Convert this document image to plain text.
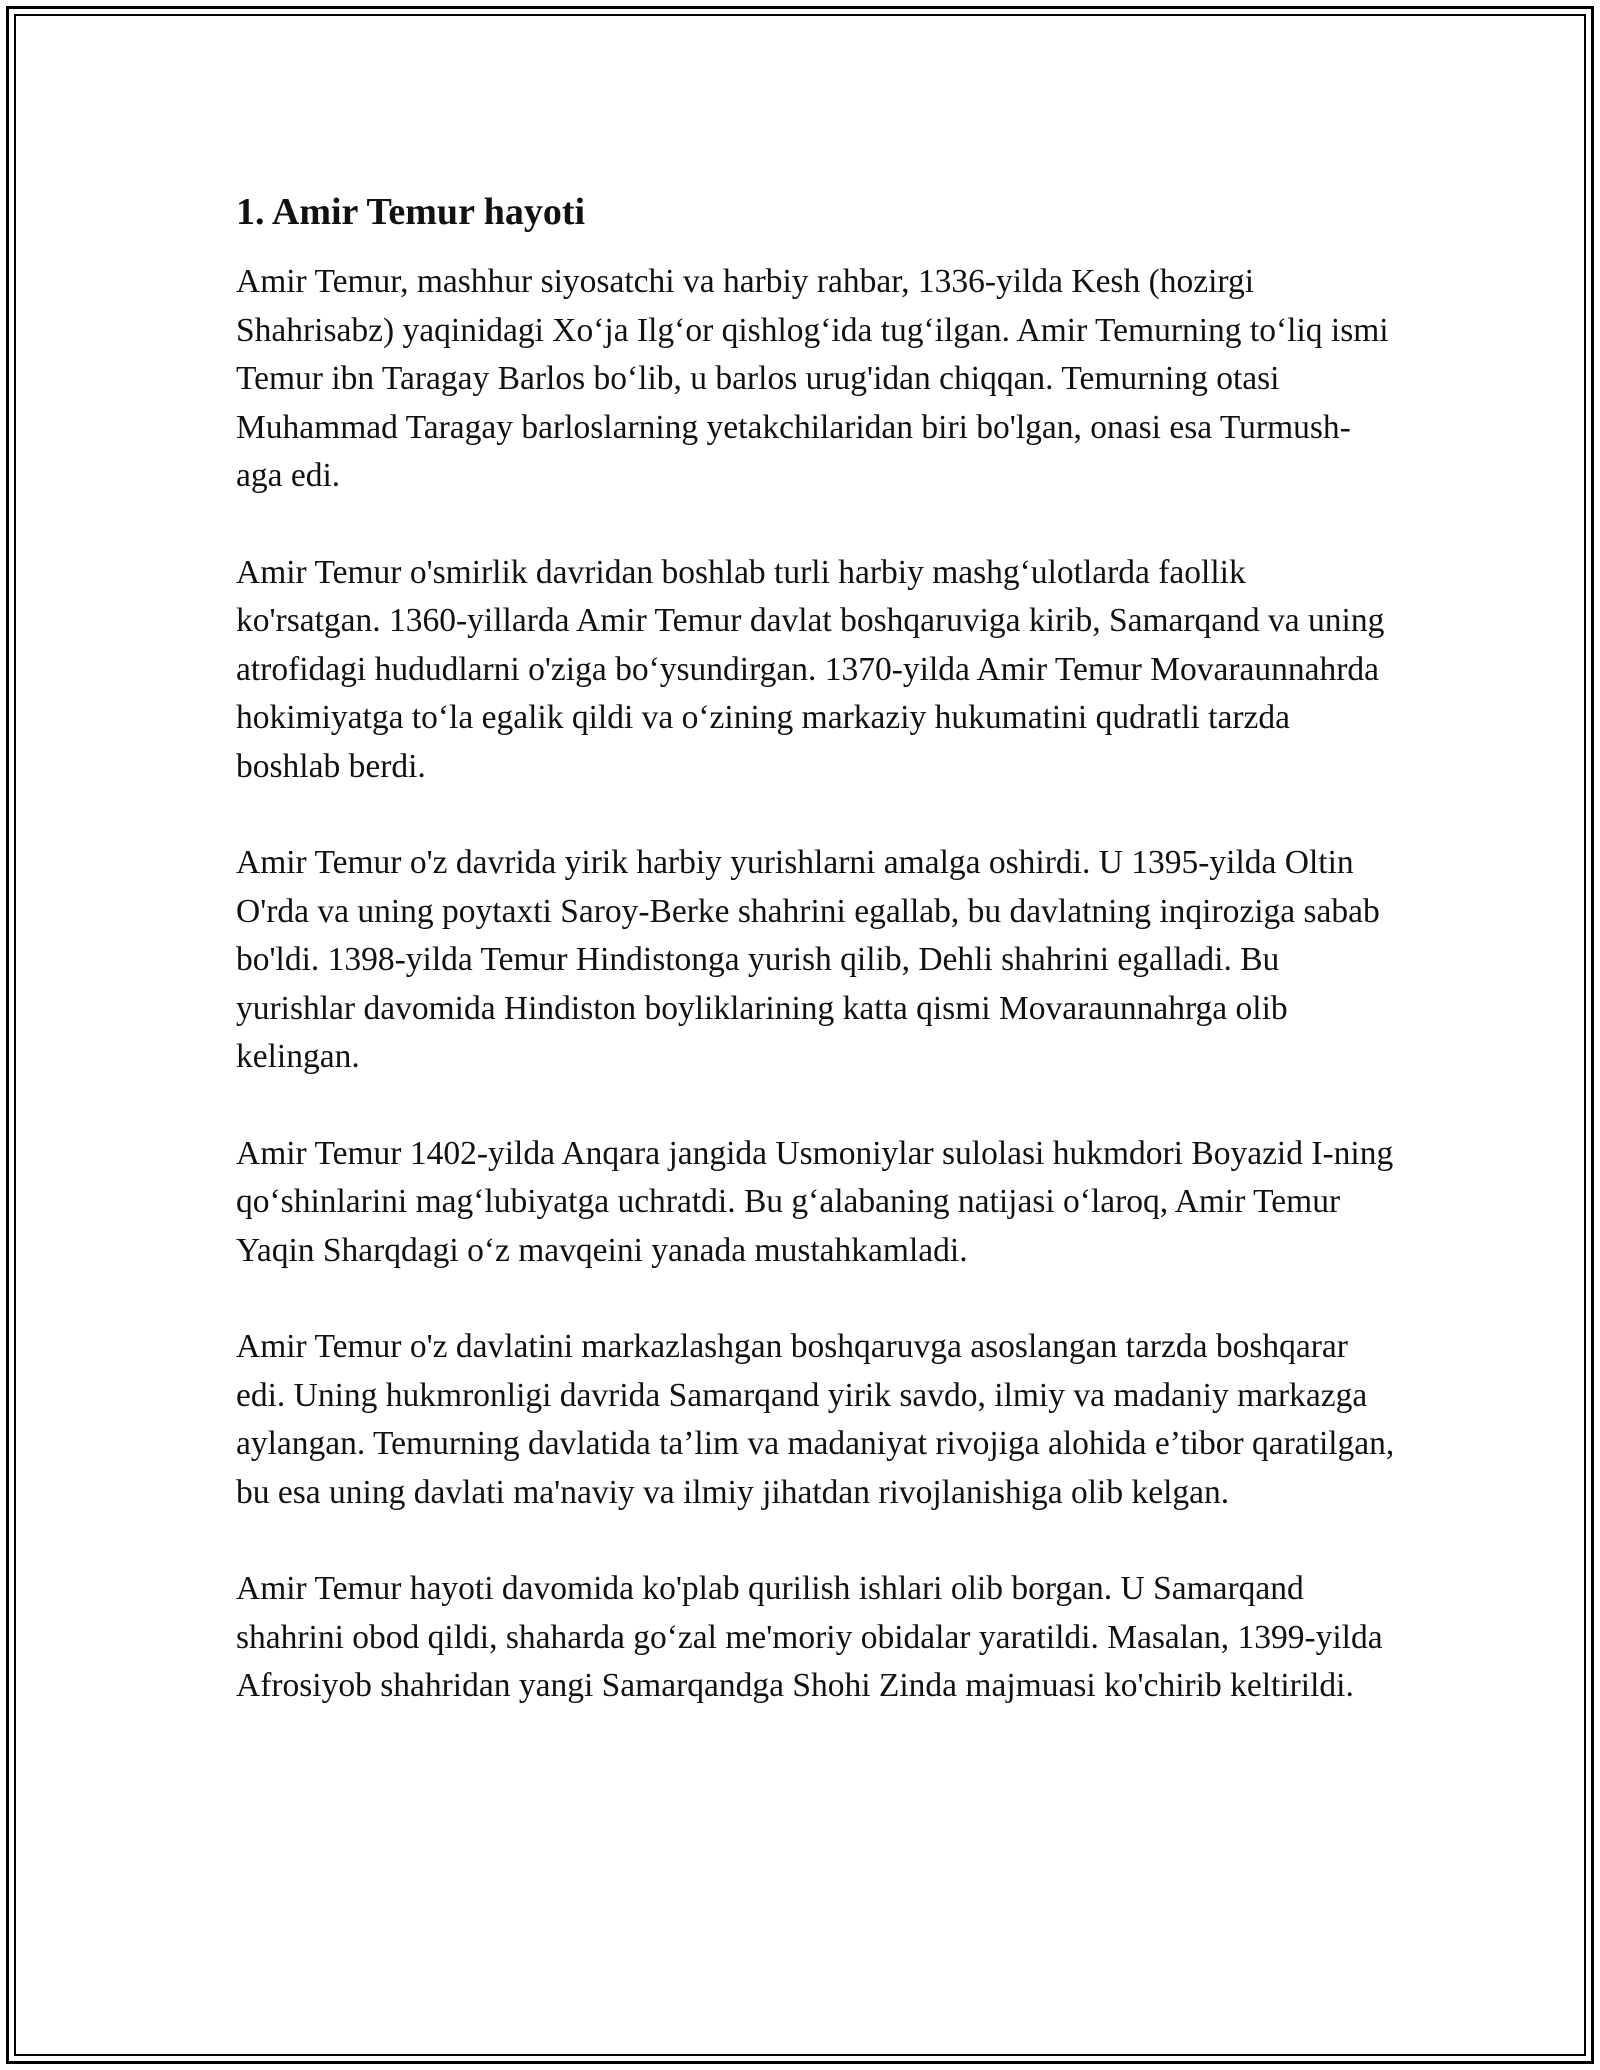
1. Amir Temur hayoti

Amir Temur, mashhur siyosatchi va harbiy rahbar, 1336-yilda Kesh (hozirgi Shahrisabz) yaqinidagi Xo‘ja Ilg‘or qishlog‘ida tug‘ilgan. Amir Temurning to‘liq ismi Temur ibn Taragay Barlos bo‘lib, u barlos urug'idan chiqqan. Temurning otasi Muhammad Taragay barloslarning yetakchilaridan biri bo'lgan, onasi esa Turmush-aga edi.

Amir Temur o'smirlik davridan boshlab turli harbiy mashg‘ulotlarda faollik ko'rsatgan. 1360-yillarda Amir Temur davlat boshqaruviga kirib, Samarqand va uning atrofidagi hududlarni o'ziga bo‘ysundirgan. 1370-yilda Amir Temur Movaraunnahrda hokimiyatga to‘la egalik qildi va o‘zining markaziy hukumatini qudratli tarzda boshlab berdi.

Amir Temur o'z davrida yirik harbiy yurishlarni amalga oshirdi. U 1395-yilda Oltin O'rda va uning poytaxti Saroy-Berke shahrini egallab, bu davlatning inqiroziga sabab bo'ldi. 1398-yilda Temur Hindistonga yurish qilib, Dehli shahrini egalladi. Bu yurishlar davomida Hindiston boyliklarining katta qismi Movaraunnahrga olib kelingan.

Amir Temur 1402-yilda Anqara jangida Usmoniylar sulolasi hukmdori Boyazid I-ning qo‘shinlarini mag‘lubiyatga uchratdi. Bu g‘alabaning natijasi o‘laroq, Amir Temur Yaqin Sharqdagi o‘z mavqeini yanada mustahkamladi.

Amir Temur o'z davlatini markazlashgan boshqaruvga asoslangan tarzda boshqarar edi. Uning hukmronligi davrida Samarqand yirik savdo, ilmiy va madaniy markazga aylangan. Temurning davlatida ta’lim va madaniyat rivojiga alohida e’tibor qaratilgan, bu esa uning davlati ma'naviy va ilmiy jihatdan rivojlanishiga olib kelgan.

Amir Temur hayoti davomida ko'plab qurilish ishlari olib borgan. U Samarqand shahrini obod qildi, shaharda go‘zal me'moriy obidalar yaratildi. Masalan, 1399-yilda Afrosiyob shahridan yangi Samarqandga Shohi Zinda majmuasi ko'chirib keltirildi.
